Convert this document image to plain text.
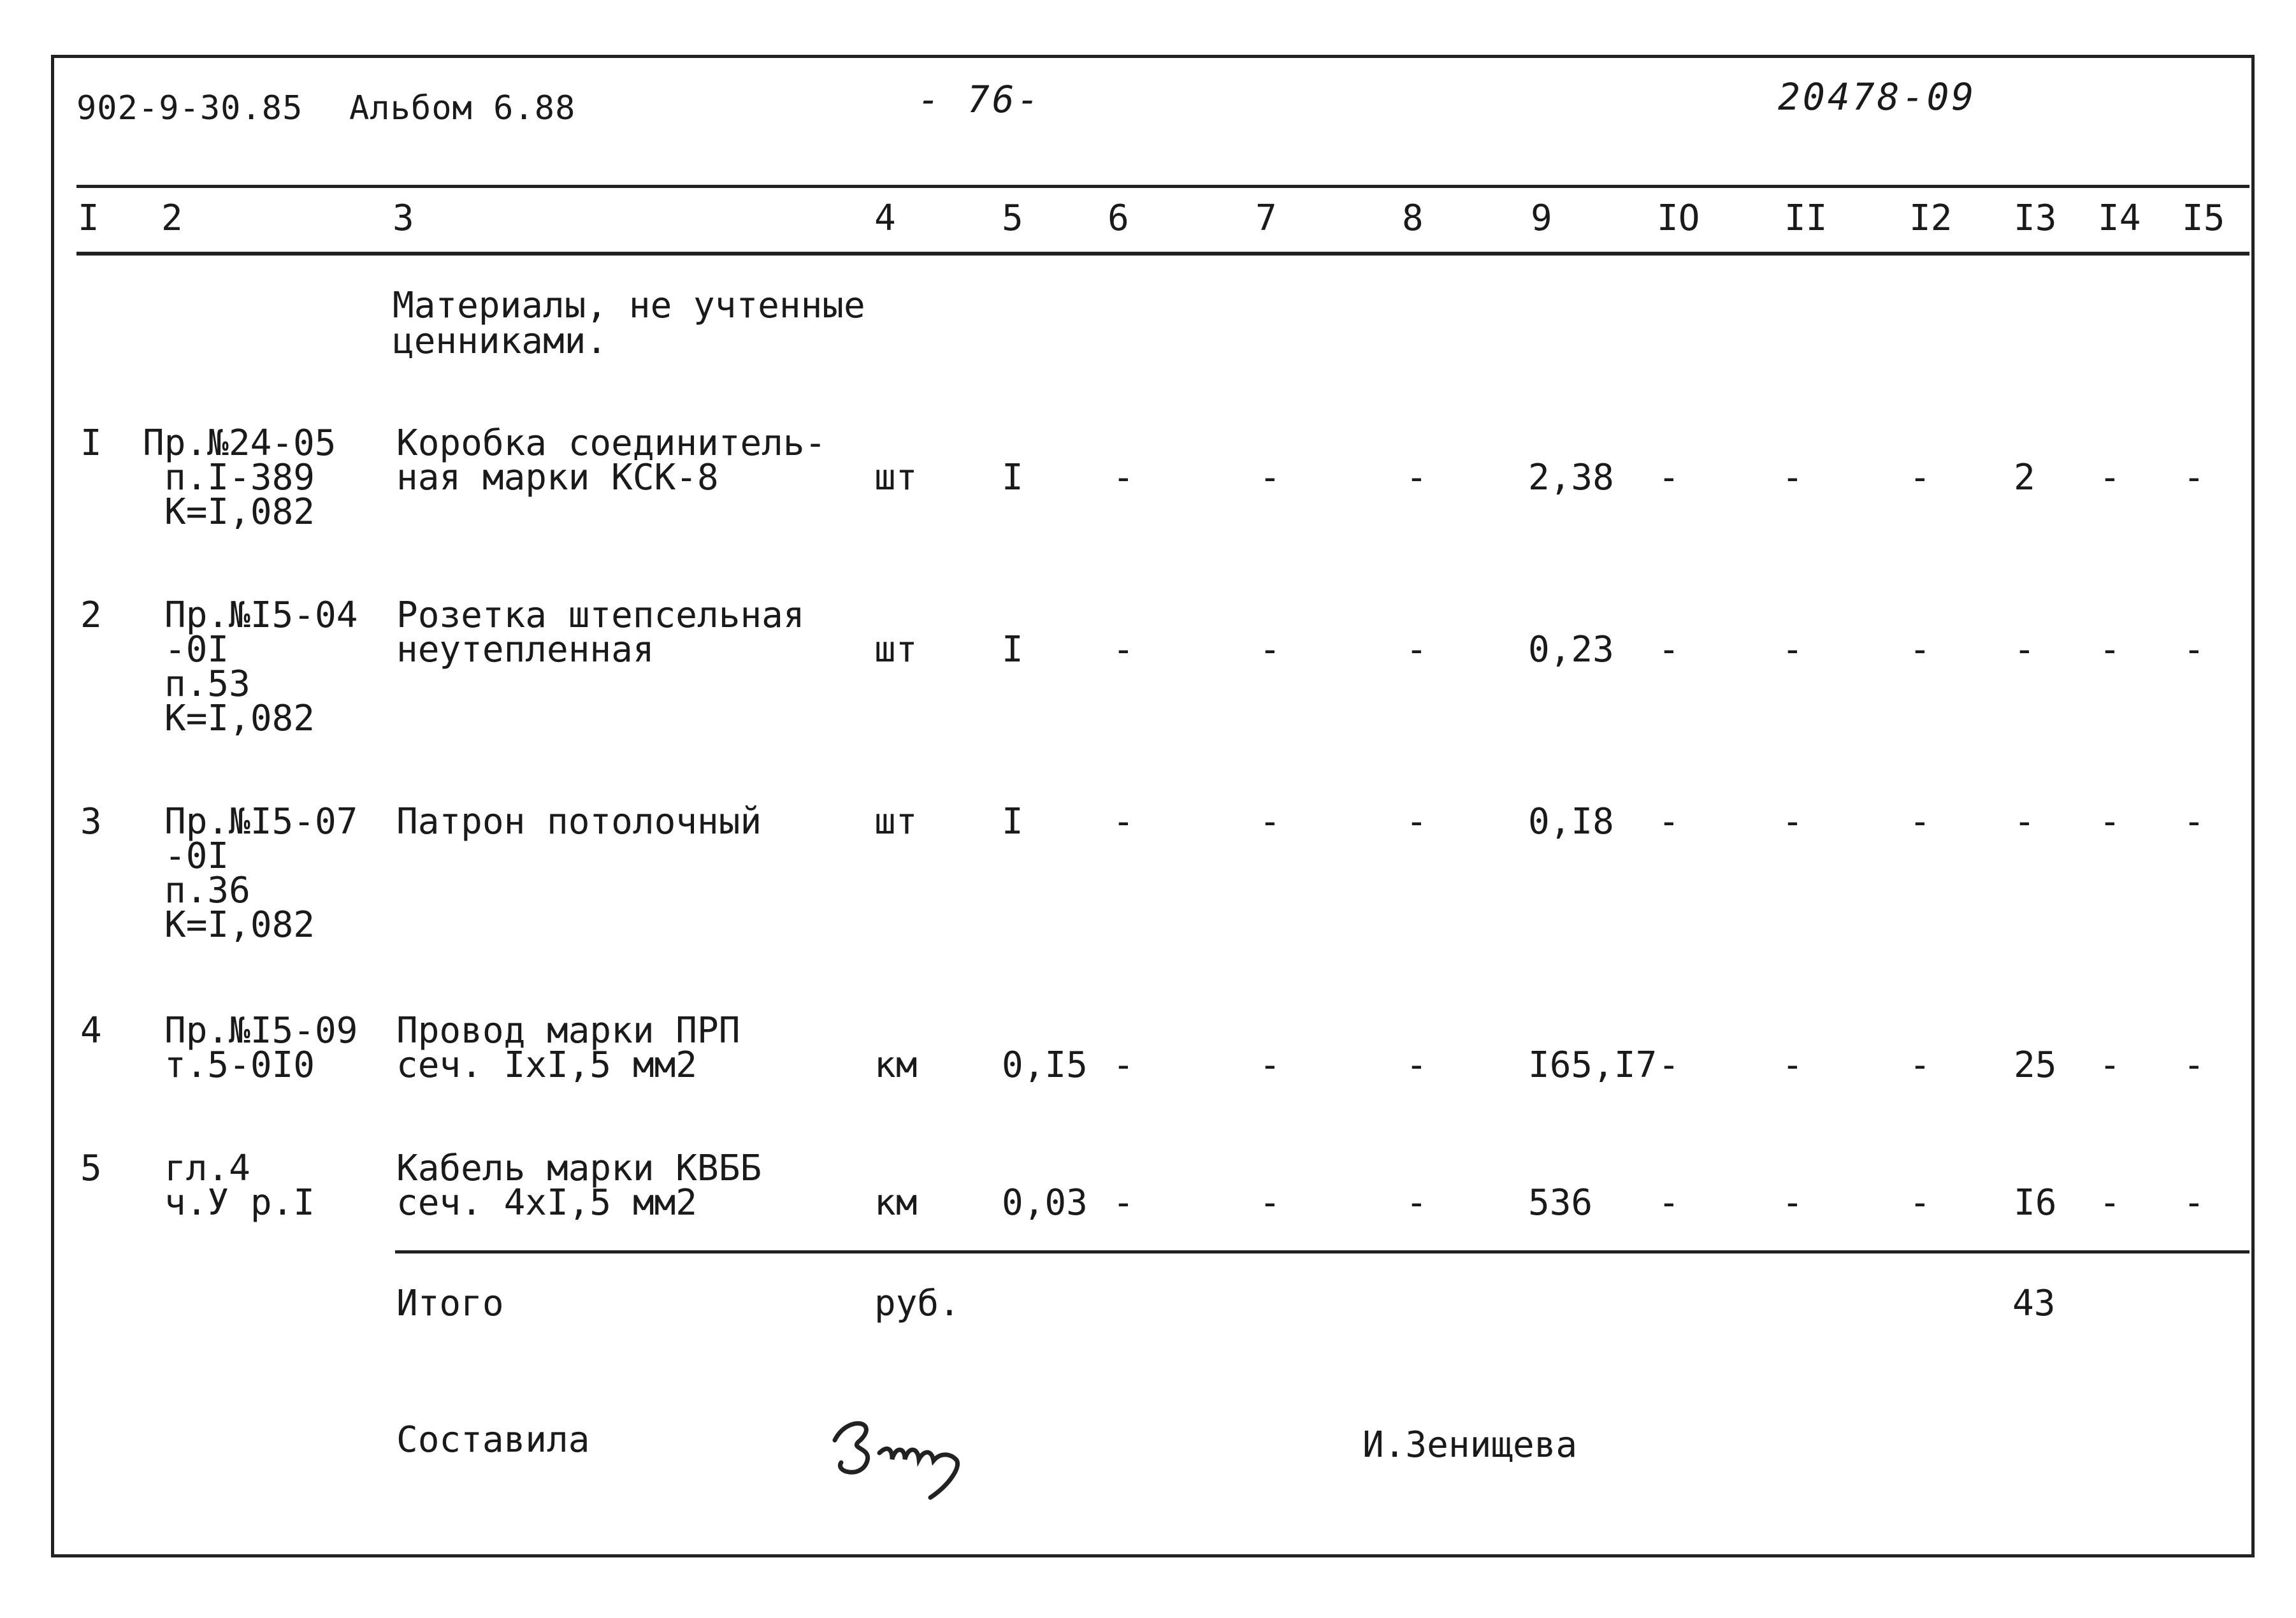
902-9-30.85 Альбом 6.88	- 76-	20478-09
I 2	3	4	5 6	7	8	9	IO II I2 I3 I4 I5
Материалы, не учтенные
ценниками.
I Пр.№24-05
п.I-389
К=I,082
Коробка соединитель-
ная марки КСК-8	шт I	-	-	-	2,38 -	-	- 2 - -
2 Пр.№I5-04
-0I
п.53
К=I,082
Розетка штепсельная
неутепленная	шт I	-	-	-	0,23 -	-	- - - -
3 Пр.№I5-07
-0I
п.36
К=I,082
Патрон потолочный	шт I	-	-	-	0,I8 -	-	- - - -
4 Пр.№I5-09
т.5-0I0
Провод марки ПРП
сеч. IxI,5 мм2	км 0,I5 -	-	-	I65,I7 -	-	- 25 - -
5 гл.4
ч.У р.I
Кабель марки КВББ
сеч. 4xI,5 мм2	км 0,03 -	-	-	536 -	-	- I6 - -
Итого	руб.	43
Составила	И.Зенищева
